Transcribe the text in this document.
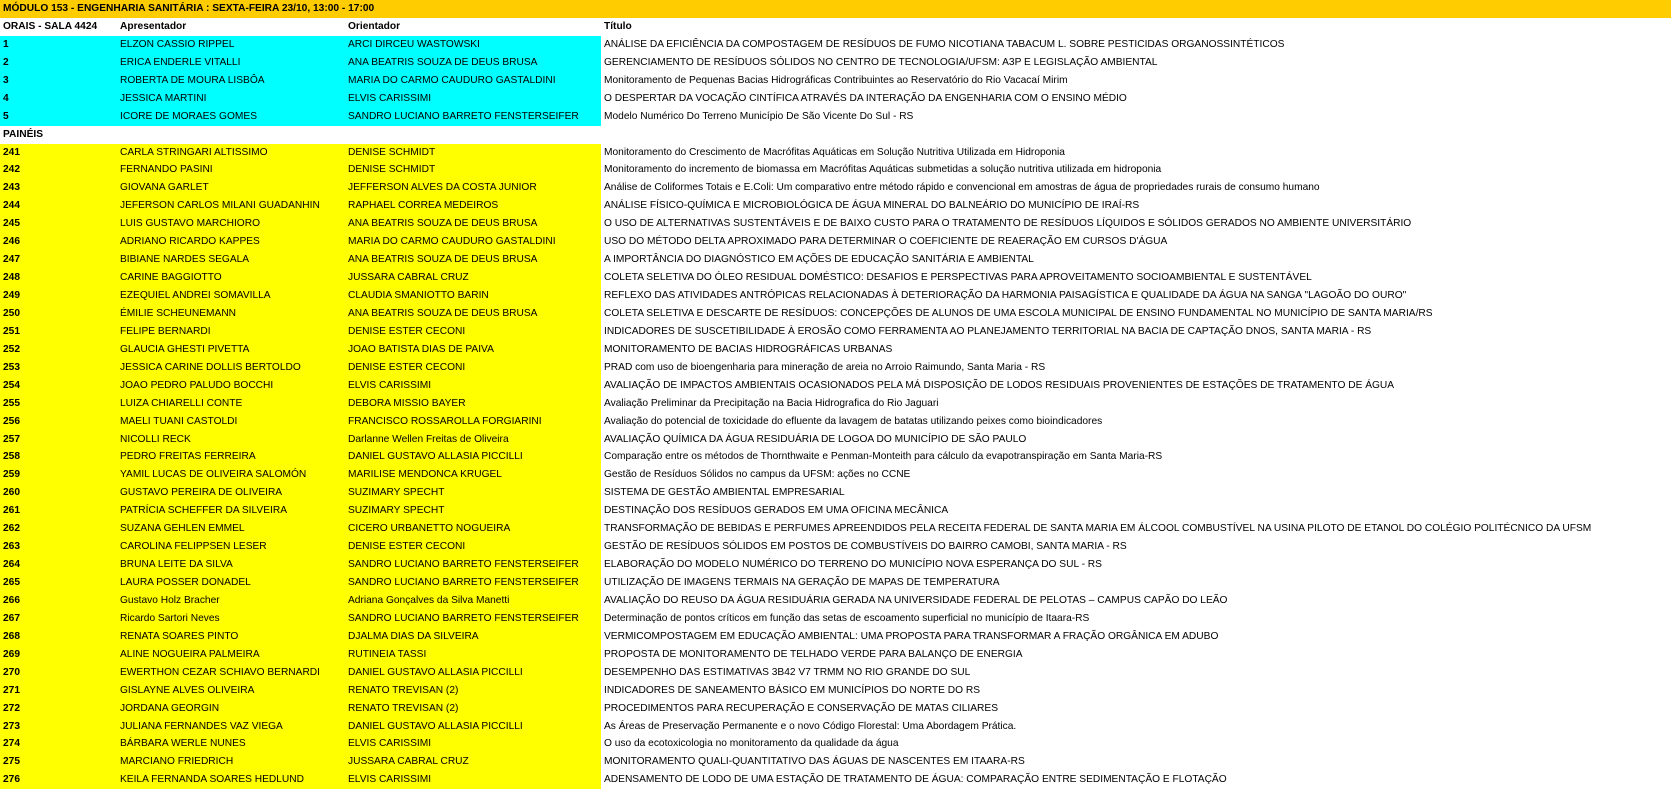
MÓDULO 153 - ENGENHARIA SANITÁRIA : SEXTA-FEIRA 23/10, 13:00 - 17:00
ORAIS - SALA 4424	Apresentador	Orientador	Título
1	ELZON CASSIO RIPPEL	ARCI DIRCEU WASTOWSKI	ANÁLISE DA EFICIÊNCIA DA COMPOSTAGEM DE RESÍDUOS DE FUMO NICOTIANA TABACUM L. SOBRE PESTICIDAS ORGANOSSINTÉTICOS
2	ERICA ENDERLE VITALLI	ANA BEATRIS SOUZA DE DEUS BRUSA	GERENCIAMENTO DE RESÍDUOS SÓLIDOS NO CENTRO DE TECNOLOGIA/UFSM: A3P E LEGISLAÇÃO AMBIENTAL
3	ROBERTA DE MOURA LISBÔA	MARIA DO CARMO CAUDURO GASTALDINI	Monitoramento de Pequenas Bacias Hidrográficas Contribuintes ao Reservatório do Rio Vacacaí Mirim
4	JESSICA MARTINI	ELVIS CARISSIMI	O DESPERTAR DA VOCAÇÃO CINTÍFICA ATRAVÉS DA INTERAÇÃO DA ENGENHARIA COM O ENSINO MÉDIO
5	ICORE DE MORAES GOMES	SANDRO LUCIANO BARRETO FENSTERSEIFER	Modelo Numérico Do Terreno Município De São Vicente Do Sul - RS
PAINÉIS
241	CARLA STRINGARI ALTISSIMO	DENISE SCHMIDT	Monitoramento do Crescimento de Macrófitas Aquáticas em Solução Nutritiva Utilizada em Hidroponia
242	FERNANDO PASINI	DENISE SCHMIDT	Monitoramento do incremento de biomassa em Macrófitas Aquáticas submetidas a solução nutritiva utilizada em hidroponia
243	GIOVANA GARLET	JEFFERSON ALVES DA COSTA JUNIOR	Análise de Coliformes Totais e E.Coli: Um comparativo entre método rápido e convencional em amostras de água de propriedades rurais de consumo humano
244	JEFERSON CARLOS MILANI GUADANHIN	RAPHAEL CORREA MEDEIROS	ANÁLISE FÍSICO-QUÍMICA E MICROBIOLÓGICA DE ÁGUA MINERAL DO BALNEÁRIO DO MUNICÍPIO DE IRAÍ-RS
245	LUIS GUSTAVO MARCHIORO	ANA BEATRIS SOUZA DE DEUS BRUSA	O USO DE ALTERNATIVAS SUSTENTÁVEIS E DE BAIXO CUSTO PARA O TRATAMENTO DE RESÍDUOS LÍQUIDOS E SÓLIDOS GERADOS NO AMBIENTE UNIVERSITÁRIO
246	ADRIANO RICARDO KAPPES	MARIA DO CARMO CAUDURO GASTALDINI	USO DO MÉTODO DELTA APROXIMADO PARA DETERMINAR O COEFICIENTE DE REAERAÇÃO EM CURSOS D'ÁGUA
247	BIBIANE NARDES SEGALA	ANA BEATRIS SOUZA DE DEUS BRUSA	A IMPORTÂNCIA DO DIAGNÓSTICO EM AÇÕES DE EDUCAÇÃO SANITÁRIA E AMBIENTAL
248	CARINE BAGGIOTTO	JUSSARA CABRAL CRUZ	COLETA SELETIVA DO ÓLEO RESIDUAL DOMÉSTICO: DESAFIOS E PERSPECTIVAS PARA APROVEITAMENTO SOCIOAMBIENTAL E SUSTENTÁVEL
249	EZEQUIEL ANDREI SOMAVILLA	CLAUDIA SMANIOTTO BARIN	REFLEXO DAS ATIVIDADES ANTRÓPICAS RELACIONADAS À DETERIORAÇÃO DA HARMONIA PAISAGÍSTICA E QUALIDADE DA ÁGUA NA SANGA "LAGOÃO DO OURO"
250	ÉMILIE SCHEUNEMANN	ANA BEATRIS SOUZA DE DEUS BRUSA	COLETA SELETIVA E DESCARTE DE RESÍDUOS: CONCEPÇÕES DE ALUNOS DE UMA ESCOLA MUNICIPAL DE ENSINO FUNDAMENTAL NO MUNICÍPIO DE SANTA MARIA/RS
251	FELIPE BERNARDI	DENISE ESTER CECONI	INDICADORES DE SUSCETIBILIDADE À EROSÃO COMO FERRAMENTA AO PLANEJAMENTO TERRITORIAL NA BACIA DE CAPTAÇÃO DNOS, SANTA MARIA - RS
252	GLAUCIA GHESTI PIVETTA	JOAO BATISTA DIAS DE PAIVA	MONITORAMENTO DE BACIAS HIDROGRÁFICAS URBANAS
253	JESSICA CARINE DOLLIS BERTOLDO	DENISE ESTER CECONI	PRAD com uso de bioengenharia para mineração de areia no Arroio Raimundo, Santa Maria - RS
254	JOAO PEDRO PALUDO BOCCHI	ELVIS CARISSIMI	AVALIAÇÃO DE IMPACTOS AMBIENTAIS OCASIONADOS PELA MÁ DISPOSIÇÃO DE LODOS RESIDUAIS PROVENIENTES DE ESTAÇÕES DE TRATAMENTO DE ÁGUA
255	LUIZA CHIARELLI CONTE	DEBORA MISSIO BAYER	Avaliação Preliminar da Precipitação na Bacia Hidrografica do Rio Jaguari
256	MAELI TUANI CASTOLDI	FRANCISCO ROSSAROLLA FORGIARINI	Avaliação do potencial de toxicidade do efluente da lavagem de batatas utilizando peixes como bioindicadores
257	NICOLLI RECK	Darlanne Wellen Freitas de Oliveira	AVALIAÇÃO QUÍMICA DA ÁGUA RESIDUÁRIA DE LOGOA DO MUNICÍPIO DE SÃO PAULO
258	PEDRO FREITAS FERREIRA	DANIEL GUSTAVO ALLASIA PICCILLI	Comparação entre os métodos de Thornthwaite e Penman-Monteith para cálculo da evapotranspiração em Santa Maria-RS
259	YAMIL LUCAS DE OLIVEIRA SALOMÓN	MARILISE MENDONCA KRUGEL	Gestão de Resíduos Sólidos no campus da UFSM: ações no CCNE
260	GUSTAVO PEREIRA DE OLIVEIRA	SUZIMARY SPECHT	SISTEMA DE GESTÃO AMBIENTAL EMPRESARIAL
261	PATRÍCIA SCHEFFER DA SILVEIRA	SUZIMARY SPECHT	DESTINAÇÃO DOS RESÍDUOS GERADOS EM UMA OFICINA MECÂNICA
262	SUZANA GEHLEN EMMEL	CICERO URBANETTO NOGUEIRA	TRANSFORMAÇÃO DE BEBIDAS E PERFUMES APREENDIDOS PELA RECEITA FEDERAL DE SANTA MARIA EM ÁLCOOL COMBUSTÍVEL NA USINA PILOTO DE ETANOL DO COLÉGIO POLITÉCNICO DA UFSM
263	CAROLINA FELIPPSEN LESER	DENISE ESTER CECONI	GESTÃO DE RESÍDUOS SÓLIDOS EM POSTOS DE COMBUSTÍVEIS DO BAIRRO CAMOBI, SANTA MARIA - RS
264	BRUNA LEITE DA SILVA	SANDRO LUCIANO BARRETO FENSTERSEIFER	ELABORAÇÃO DO MODELO NUMÉRICO DO TERRENO DO MUNICÍPIO NOVA ESPERANÇA DO SUL - RS
265	LAURA POSSER DONADEL	SANDRO LUCIANO BARRETO FENSTERSEIFER	UTILIZAÇÃO DE IMAGENS TERMAIS NA GERAÇÃO DE MAPAS DE TEMPERATURA
266	Gustavo Holz Bracher	Adriana Gonçalves da Silva Manetti	AVALIAÇÃO DO REUSO DA ÁGUA RESIDUÁRIA GERADA NA UNIVERSIDADE FEDERAL DE PELOTAS – CAMPUS CAPÃO DO LEÃO
267	Ricardo Sartori Neves	SANDRO LUCIANO BARRETO FENSTERSEIFER	Determinação de pontos críticos em função das setas de escoamento superficial no município de Itaara-RS
268	RENATA SOARES PINTO	DJALMA DIAS DA SILVEIRA	VERMICOMPOSTAGEM EM EDUCAÇÃO AMBIENTAL: UMA PROPOSTA PARA TRANSFORMAR A FRAÇÃO ORGÂNICA EM ADUBO
269	ALINE NOGUEIRA PALMEIRA	RUTINEIA TASSI	PROPOSTA DE MONITORAMENTO DE TELHADO VERDE PARA BALANÇO DE ENERGIA
270	EWERTHON CEZAR SCHIAVO BERNARDI	DANIEL GUSTAVO ALLASIA PICCILLI	DESEMPENHO DAS ESTIMATIVAS 3B42 V7 TRMM NO RIO GRANDE DO SUL
271	GISLAYNE ALVES OLIVEIRA	RENATO TREVISAN (2)	INDICADORES DE SANEAMENTO BÁSICO EM MUNICÍPIOS DO NORTE DO RS
272	JORDANA GEORGIN	RENATO TREVISAN (2)	PROCEDIMENTOS PARA RECUPERAÇÃO E CONSERVAÇÃO DE MATAS CILIARES
273	JULIANA FERNANDES VAZ VIEGA	DANIEL GUSTAVO ALLASIA PICCILLI	As Áreas de Preservação Permanente e o novo Código Florestal: Uma Abordagem Prática.
274	BÁRBARA WERLE NUNES	ELVIS CARISSIMI	O uso da ecotoxicologia no monitoramento da qualidade da água
275	MARCIANO FRIEDRICH	JUSSARA CABRAL CRUZ	MONITORAMENTO QUALI-QUANTITATIVO DAS ÁGUAS DE NASCENTES EM ITAARA-RS
276	KEILA FERNANDA SOARES HEDLUND	ELVIS CARISSIMI	ADENSAMENTO DE LODO DE UMA ESTAÇÃO DE TRATAMENTO DE ÁGUA: COMPARAÇÃO ENTRE SEDIMENTAÇÃO E FLOTAÇÃO
